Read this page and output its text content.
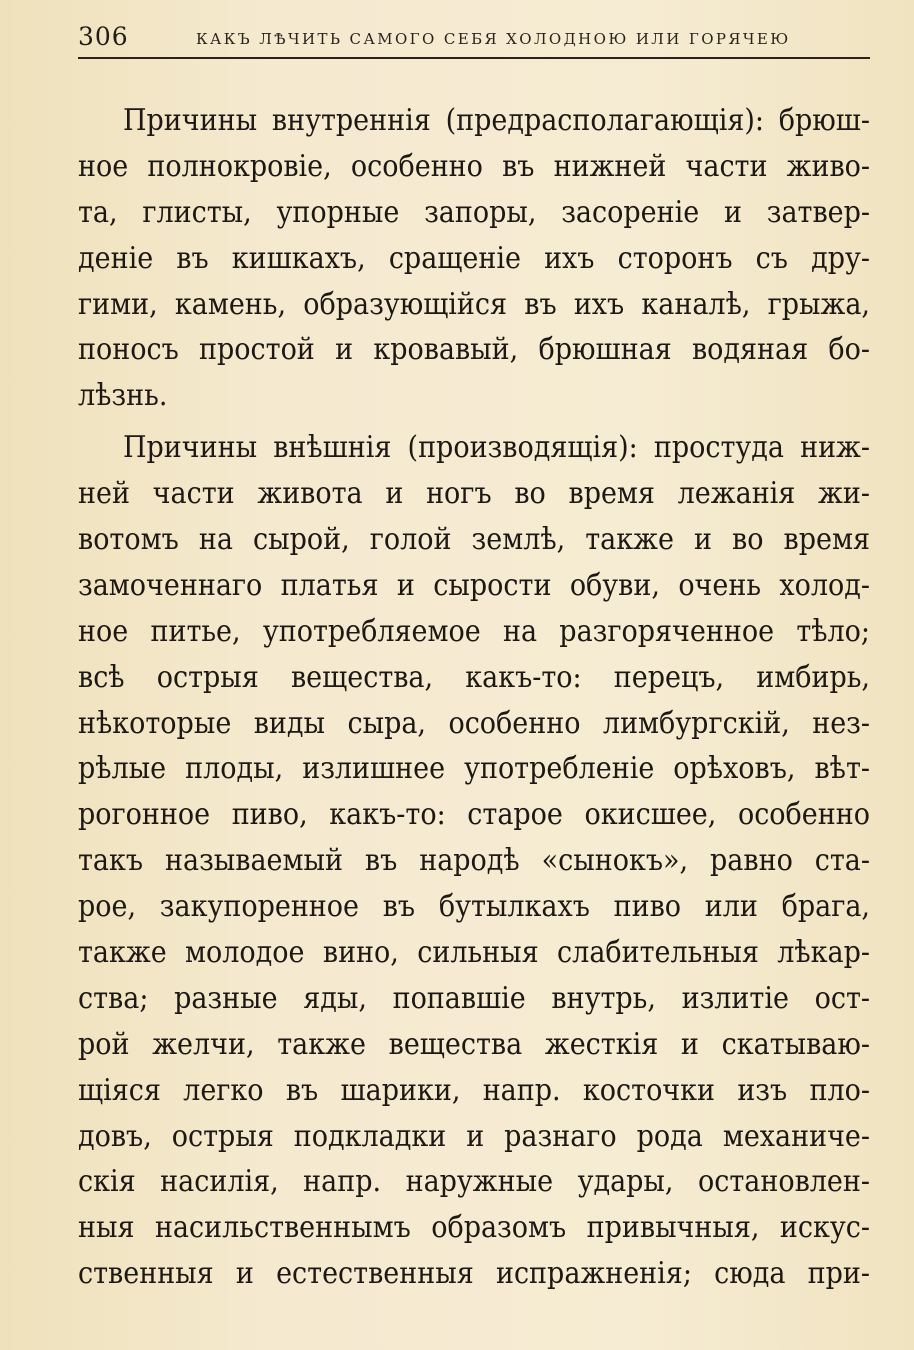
306	КАКЪ ЛѢЧИТЬ САМОГО СЕБЯ ХОЛОДНОЮ ИЛИ ГОРЯЧЕЮ
Причины внутреннія (предрасполагающія): брюш-
ное полнокровіе, особенно въ нижней части живо-
та, глисты, упорные запоры, засореніе и затвер-
деніе въ кишкахъ, сращеніе ихъ сторонъ съ дру-
гими, камень, образующійся въ ихъ каналѣ, грыжа,
поносъ простой и кровавый, брюшная водяная бо-
лѣзнь.
Причины внѣшнія (производящія): простуда ниж-
ней части живота и ногъ во время лежанія жи-
вотомъ на сырой, голой землѣ, также и во время
замоченнаго платья и сырости обуви, очень холод-
ное питье, употребляемое на разгоряченное тѣло;
всѣ острыя вещества, какъ-то: перецъ, имбирь,
нѣкоторые виды сыра, особенно лимбургскій, нез-
рѣлые плоды, излишнее употребленіе орѣховъ, вѣт-
рогонное пиво, какъ-то: старое окисшее, особенно
такъ называемый въ народѣ «сынокъ», равно ста-
рое, закупоренное въ бутылкахъ пиво или брага,
также молодое вино, сильныя слабительныя лѣкар-
ства; разные яды, попавшіе внутрь, излитіе ост-
рой желчи, также вещества жесткія и скатываю-
щіяся легко въ шарики, напр. косточки изъ пло-
довъ, острыя подкладки и разнаго рода механиче-
скія насилія, напр. наружные удары, остановлен-
ныя насильственнымъ образомъ привычныя, искус-
ственныя и естественныя испражненія; сюда при-
